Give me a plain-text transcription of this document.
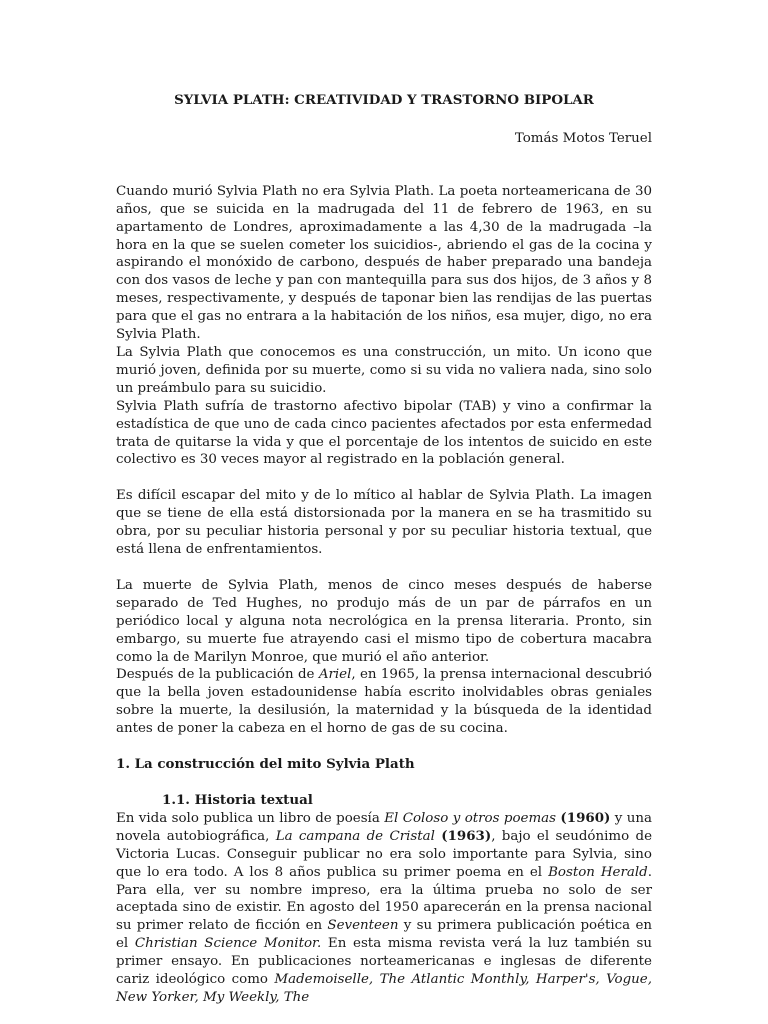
SYLVIA PLATH: CREATIVIDAD Y TRASTORNO BIPOLAR

Tomás Motos Teruel

Cuando murió Sylvia Plath no era Sylvia Plath. La poeta norteamericana de 30 años, que se suicida en la madrugada del 11 de febrero de 1963, en su apartamento de Londres, aproximadamente a las 4,30 de la madrugada –la hora en la que se suelen cometer los suicidios-, abriendo el gas de la cocina y aspirando el monóxido de carbono, después de haber preparado una bandeja con dos vasos de leche y pan con mantequilla para sus dos hijos, de 3 años y 8 meses, respectivamente, y después de taponar bien las rendijas de las puertas para que el gas no entrara a la habitación de los niños, esa mujer, digo, no era Sylvia Plath.

La Sylvia Plath que conocemos es una construcción, un mito. Un icono que murió joven, definida por su muerte, como si su vida no valiera nada, sino solo un preámbulo para su suicidio.

Sylvia Plath sufría de trastorno afectivo bipolar (TAB) y vino a confirmar la estadística de que uno de cada cinco pacientes afectados por esta enfermedad trata de quitarse la vida y que el porcentaje de los intentos de suicido en este colectivo es 30 veces mayor al registrado en la población general.

Es difícil escapar del mito y de lo mítico al hablar de Sylvia Plath. La imagen que se tiene de ella está distorsionada por la manera en se ha trasmitido su obra, por su peculiar historia personal y por su peculiar historia textual, que está llena de enfrentamientos.

La muerte de Sylvia Plath, menos de cinco meses después de haberse separado de Ted Hughes, no produjo más de un par de párrafos en un periódico local y alguna nota necrológica en la prensa literaria. Pronto, sin embargo, su muerte fue atrayendo casi el mismo tipo de cobertura macabra como la de Marilyn Monroe, que murió el año anterior.

Después de la publicación de Ariel, en 1965, la prensa internacional descubrió que la bella joven estadounidense había escrito inolvidables obras geniales sobre la muerte, la desilusión, la maternidad y la búsqueda de la identidad antes de poner la cabeza en el horno de gas de su cocina.

1. La construcción del mito Sylvia Plath

1.1. Historia textual

En vida solo publica un libro de poesía El Coloso y otros poemas (1960) y una novela autobiográfica, La campana de Cristal (1963), bajo el seudónimo de Victoria Lucas. Conseguir publicar no era solo importante para Sylvia, sino que lo era todo. A los 8 años publica su primer poema en el Boston Herald. Para ella, ver su nombre impreso, era la última prueba no solo de ser aceptada sino de existir. En agosto del 1950 aparecerán en la prensa nacional su primer relato de ficción en Seventeen y su primera publicación poética en el Christian Science Monitor. En esta misma revista verá la luz también su primer ensayo. En publicaciones norteamericanas e inglesas de diferente cariz ideológico como Mademoiselle, The Atlantic Monthly, Harper's, Vogue, New Yorker, My Weekly, The
